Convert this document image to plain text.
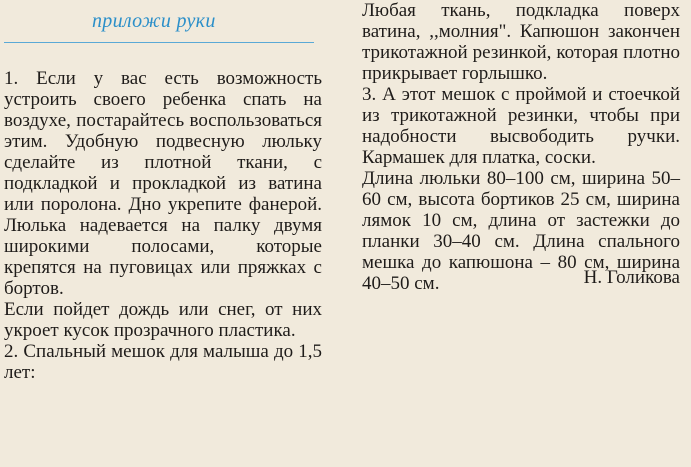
приложи руки

1. Если у вас есть возможность устроить своего ребенка спать на воздухе, постарайтесь воспользоваться этим. Удобную подвесную люльку сделайте из плотной ткани, с подкладкой и прокладкой из ватина или поролона. Дно укрепите фанерой. Люлька надевается на палку двумя широкими полосами, которые крепятся на пуговицах или пряжках с бортов.

Если пойдет дождь или снег, от них укроет кусок прозрачного пластика.

2. Спальный мешок для малыша до 1,5 лет:

Любая ткань, подкладка поверх ватина, ,,молния". Капюшон закончен трикотажной резинкой, которая плотно прикрывает горлышко.

3. А этот мешок с проймой и стоечкой из трикотажной резинки, чтобы при надобности высвободить ручки. Кармашек для платка, соски.

Длина люльки 80–100 см, ширина 50–60 см, высота бортиков 25 см, ширина лямок 10 см, длина от застежки до планки 30–40 см. Длина спального мешка до капюшона – 80 см, ширина 40–50 см.	Н. Голикова
